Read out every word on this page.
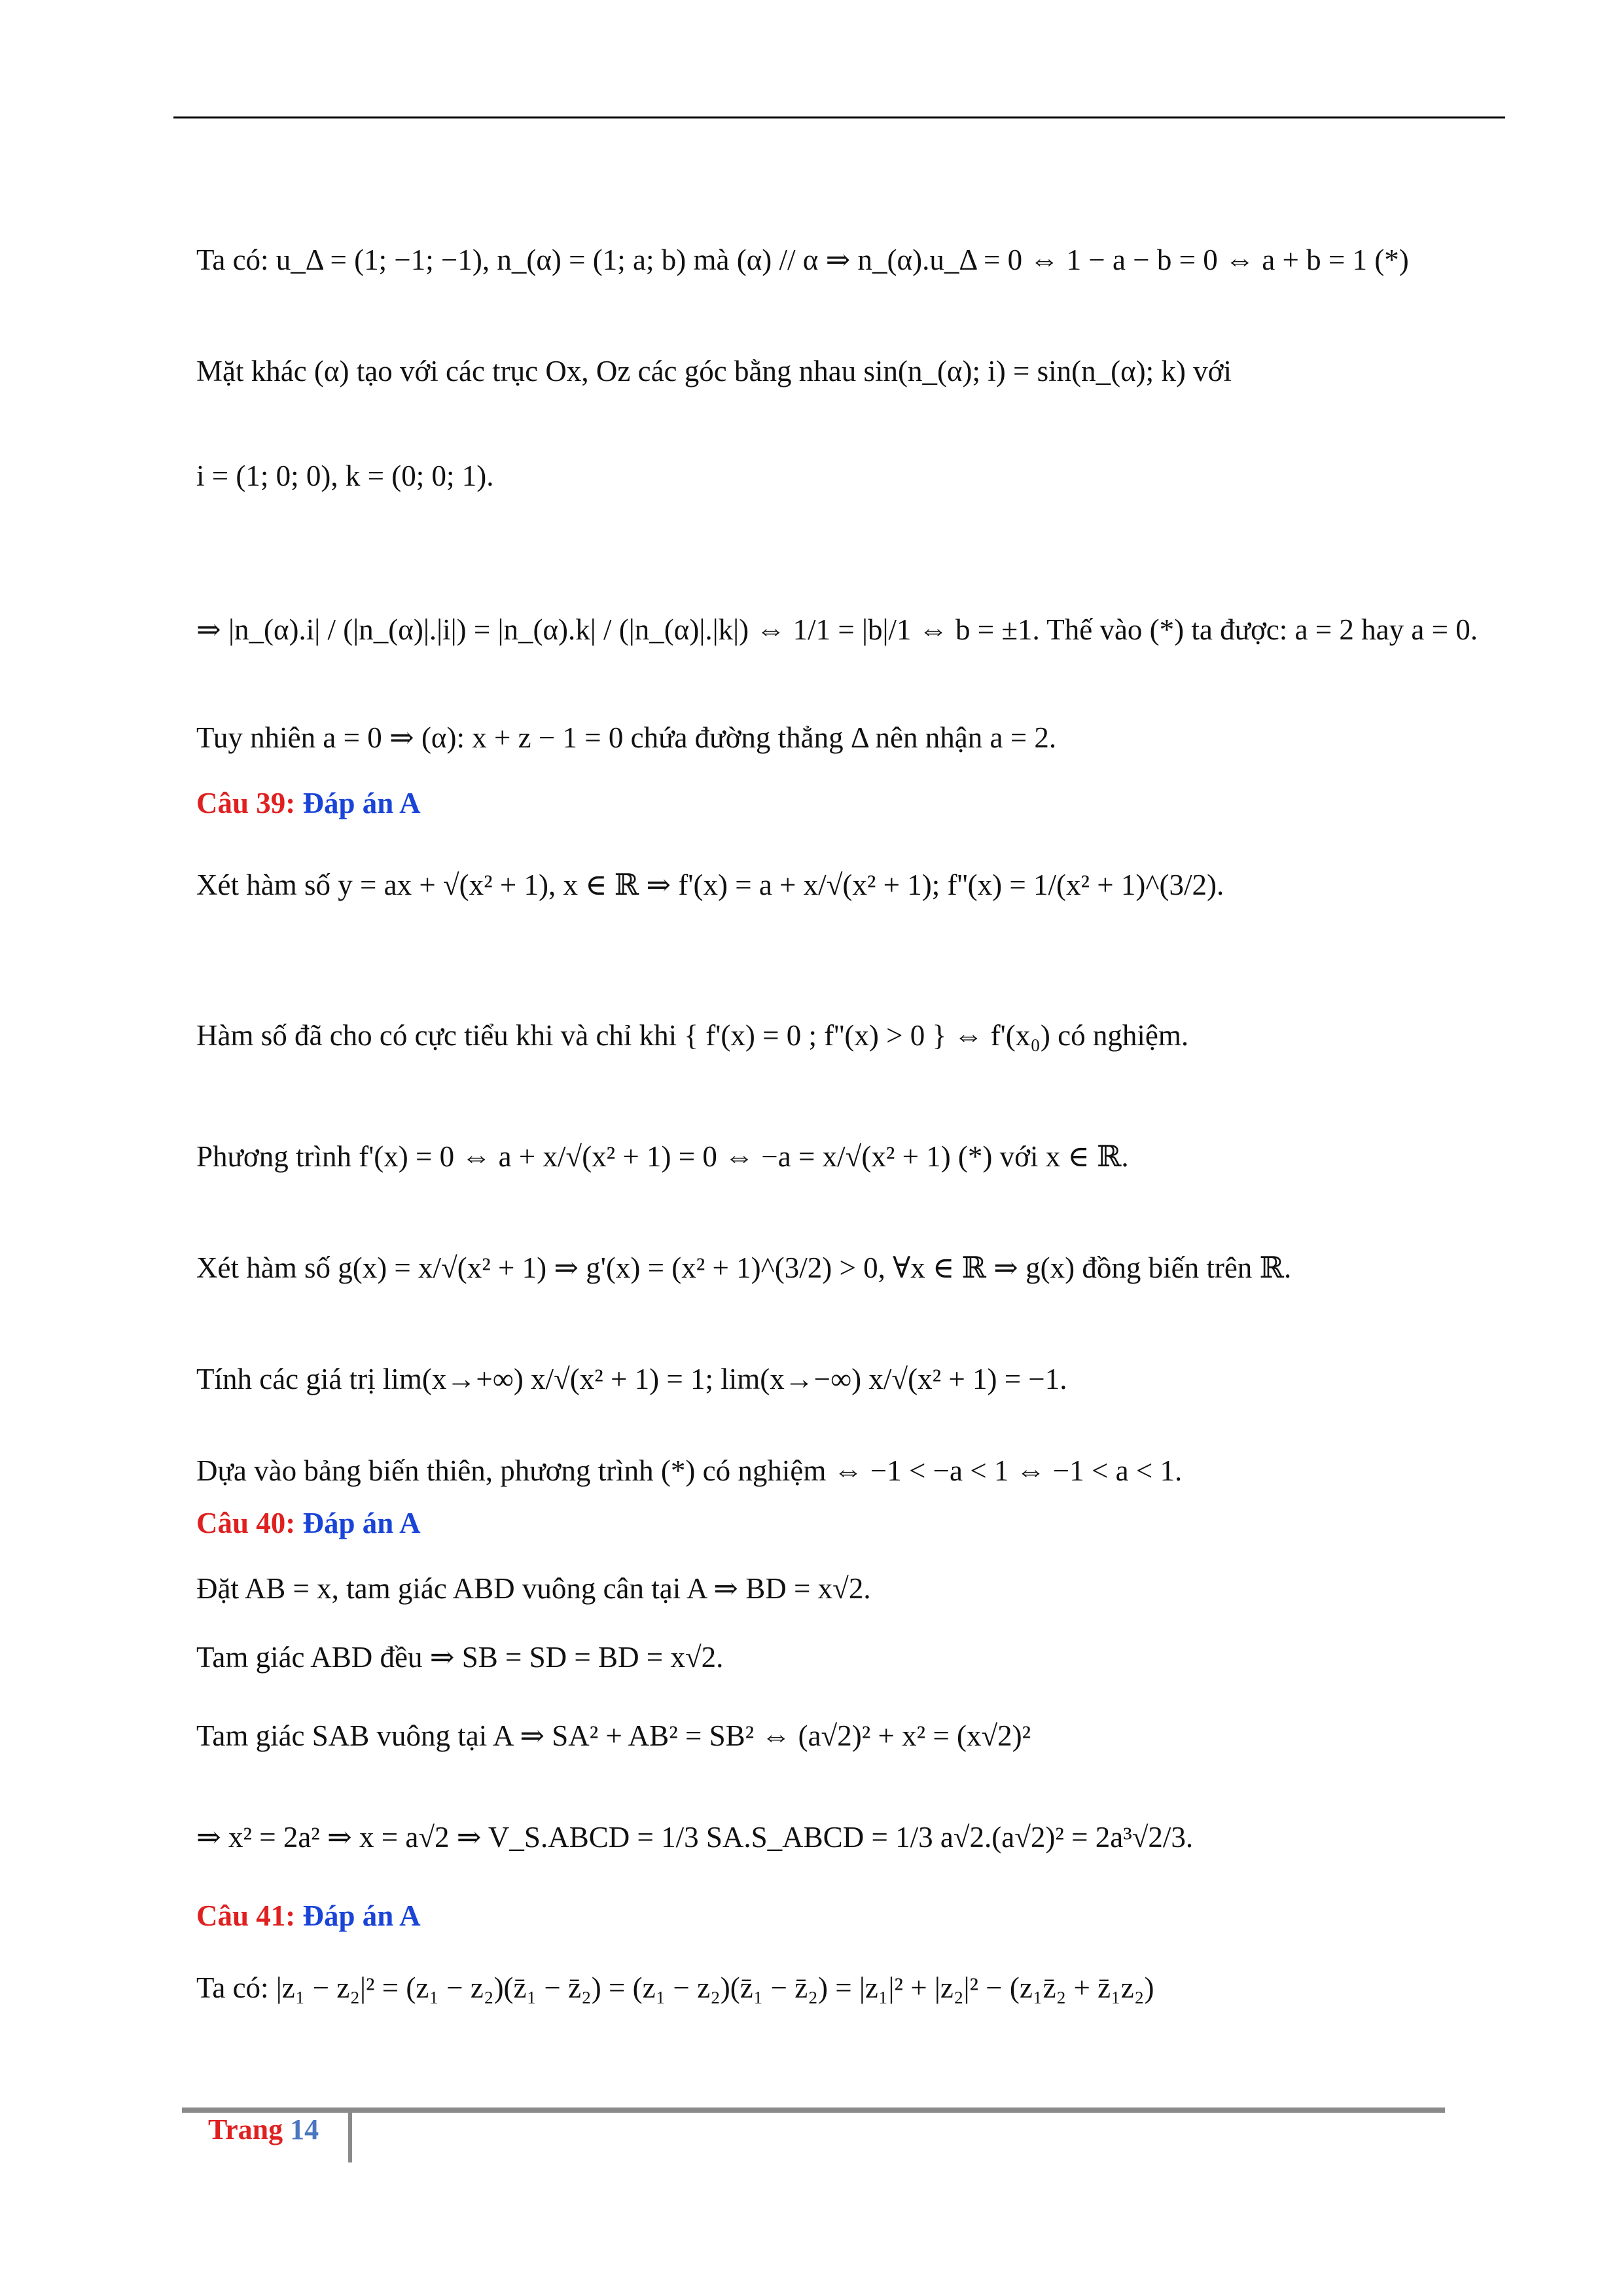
Ta có: u_Δ = (1; −1; −1), n_(α) = (1; a; b) mà (α) // α ⇒ n_(α).u_Δ = 0 ⇔ 1 − a − b = 0 ⇔ a + b = 1 (*)
Mặt khác (α) tạo với các trục Ox, Oz các góc bằng nhau sin(n_(α); i) = sin(n_(α); k) với
i = (1; 0; 0), k = (0; 0; 1).
⇒ |n_(α).i| / (|n_(α)|.|i|) = |n_(α).k| / (|n_(α)|.|k|) ⇔ 1/1 = |b|/1 ⇔ b = ±1. Thế vào (*) ta được: a = 2 hay a = 0.
Tuy nhiên a = 0 ⇒ (α): x + z − 1 = 0 chứa đường thẳng Δ nên nhận a = 2.
Câu 39: Đáp án A
Xét hàm số y = ax + √(x² + 1), x ∈ ℝ ⇒ f'(x) = a + x/√(x² + 1); f''(x) = 1/(x² + 1)^(3/2).
Hàm số đã cho có cực tiểu khi và chỉ khi { f'(x) = 0 ; f''(x) > 0 } ⇔ f'(x₀) có nghiệm.
Phương trình f'(x) = 0 ⇔ a + x/√(x² + 1) = 0 ⇔ −a = x/√(x² + 1) (*) với x ∈ ℝ.
Xét hàm số g(x) = x/√(x² + 1) ⇒ g'(x) = (x² + 1)^(3/2) > 0, ∀x ∈ ℝ ⇒ g(x) đồng biến trên ℝ.
Tính các giá trị lim(x→+∞) x/√(x² + 1) = 1; lim(x→−∞) x/√(x² + 1) = −1.
Dựa vào bảng biến thiên, phương trình (*) có nghiệm ⇔ −1 < −a < 1 ⇔ −1 < a < 1.
Câu 40: Đáp án A
Đặt AB = x, tam giác ABD vuông cân tại A ⇒ BD = x√2.
Tam giác ABD đều ⇒ SB = SD = BD = x√2.
Tam giác SAB vuông tại A ⇒ SA² + AB² = SB² ⇔ (a√2)² + x² = (x√2)²
⇒ x² = 2a² ⇒ x = a√2 ⇒ V_S.ABCD = 1/3 SA.S_ABCD = 1/3 a√2.(a√2)² = 2a³√2/3.
Câu 41: Đáp án A
Ta có: |z₁ − z₂|² = (z₁ − z₂)(z̄₁ − z̄₂) = (z₁ − z₂)(z̄₁ − z̄₂) = |z₁|² + |z₂|² − (z₁z̄₂ + z̄₁z₂)
Trang 14
